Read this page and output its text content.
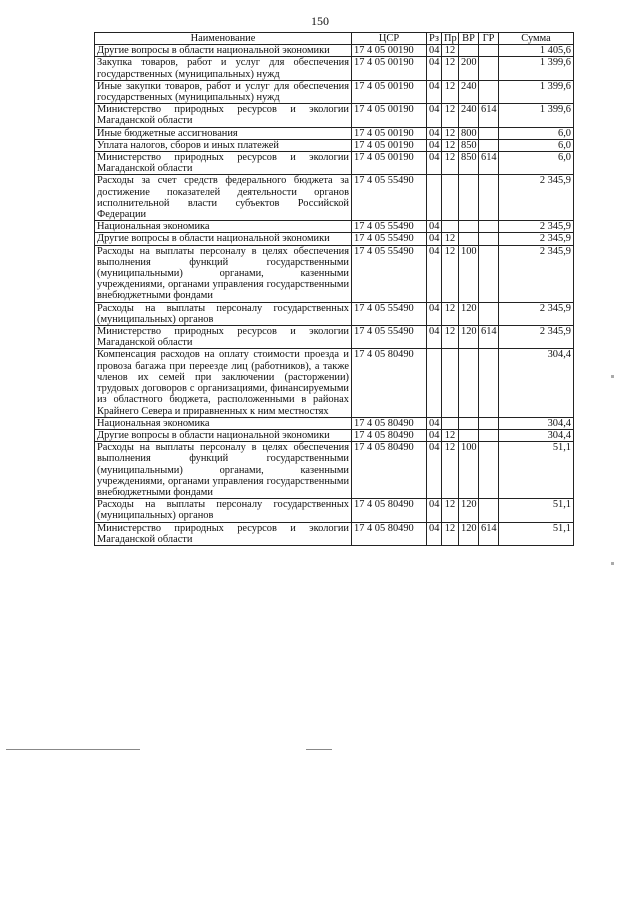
150
Наименование	ЦСР	Рз	Пр	ВР	ГР	Сумма
Другие вопросы в области национальной экономики	17 4 05 00190	04	12			1 405,6
Закупка товаров, работ и услуг для обеспечения государственных (муниципальных) нужд	17 4 05 00190	04	12	200		1 399,6
Иные закупки товаров, работ и услуг для обеспечения государственных (муниципальных) нужд	17 4 05 00190	04	12	240		1 399,6
Министерство природных ресурсов и экологии Магаданской области	17 4 05 00190	04	12	240	614	1 399,6
Иные бюджетные ассигнования	17 4 05 00190	04	12	800		6,0
Уплата налогов, сборов и иных платежей	17 4 05 00190	04	12	850		6,0
Министерство природных ресурсов и экологии Магаданской области	17 4 05 00190	04	12	850	614	6,0
Расходы за счет средств федерального бюджета за достижение показателей деятельности органов исполнительной власти субъектов Российской Федерации	17 4 05 55490					2 345,9
Национальная экономика	17 4 05 55490	04				2 345,9
Другие вопросы в области национальной экономики	17 4 05 55490	04	12			2 345,9
Расходы на выплаты персоналу в целях обеспечения выполнения функций государственными (муниципальными) органами, казенными учреждениями, органами управления государственными внебюджетными фондами	17 4 05 55490	04	12	100		2 345,9
Расходы на выплаты персоналу государственных (муниципальных) органов	17 4 05 55490	04	12	120		2 345,9
Министерство природных ресурсов и экологии Магаданской области	17 4 05 55490	04	12	120	614	2 345,9
Компенсация расходов на оплату стоимости проезда и провоза багажа при переезде лиц (работников), а также членов их семей при заключении (расторжении) трудовых договоров с организациями, финансируемыми из областного бюджета, расположенными в районах Крайнего Севера и приравненных к ним местностях	17 4 05 80490					304,4
Национальная экономика	17 4 05 80490	04				304,4
Другие вопросы в области национальной экономики	17 4 05 80490	04	12			304,4
Расходы на выплаты персоналу в целях обеспечения выполнения функций государственными (муниципальными) органами, казенными учреждениями, органами управления государственными внебюджетными фондами	17 4 05 80490	04	12	100		51,1
Расходы на выплаты персоналу государственных (муниципальных) органов	17 4 05 80490	04	12	120		51,1
Министерство природных ресурсов и экологии Магаданской области	17 4 05 80490	04	12	120	614	51,1
